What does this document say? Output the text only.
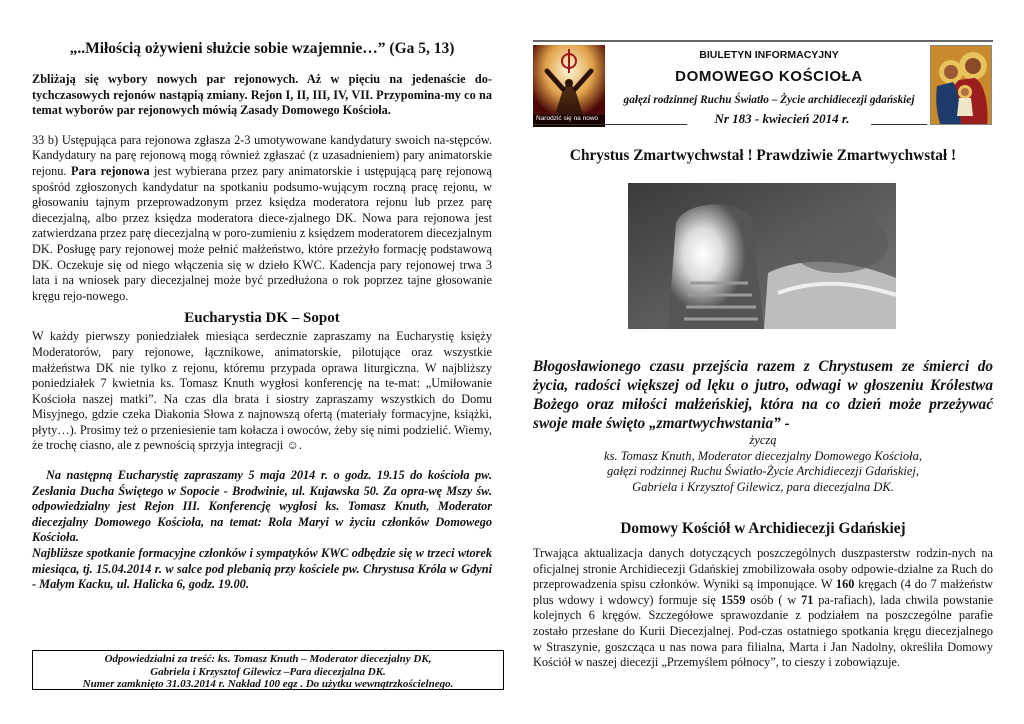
„..Miłością ożywieni służcie sobie wzajemnie…” (Ga 5, 13)

Zbliżają się wybory nowych par rejonowych. Aż w pięciu na jedenaście do-tychczasowych rejonów nastąpią zmiany. Rejon I, II, III, IV, VII. Przypomina-my co na temat wyborów par rejonowych mówią Zasady Domowego Kościoła.

33 b) Ustępująca para rejonowa zgłasza 2-3 umotywowane kandydatury swoich na-stępców. Kandydatury na parę rejonową mogą również zgłaszać (z uzasadnieniem) pary animatorskie rejonu. Para rejonowa jest wybierana przez pary animatorskie i ustępującą parę rejonową spośród zgłoszonych kandydatur na spotkaniu podsumo-wującym roczną pracę rejonu, w głosowaniu tajnym przeprowadzonym przez księdza moderatora rejonu lub przez parę diecezjalną, albo przez księdza moderatora diece-zjalnego DK. Nowa para rejonowa jest zatwierdzana przez parę diecezjalną w poro-zumieniu z księdzem moderatorem diecezjalnym DK. Posługę pary rejonowej może pełnić małżeństwo, które przeżyło formację podstawową DK. Oczekuje się od niego włączenia się w dzieło KWC. Kadencja pary rejonowej trwa 3 lata i na wniosek pary diecezjalnej może być przedłużona o rok poprzez tajne głosowanie kręgu rejo-nowego.

Eucharystia DK – Sopot

W każdy pierwszy poniedziałek miesiąca serdecznie zapraszamy na Eucharystię księży Moderatorów, pary rejonowe, łącznikowe, animatorskie, pilotujące oraz wszystkie małżeństwa DK nie tylko z rejonu, któremu przypada oprawa liturgiczna. W najbliższy poniedziałek 7 kwietnia ks. Tomasz Knuth wygłosi konferencję na te-mat: „Umiłowanie Kościoła naszej matki”. Na czas dla brata i siostry zapraszamy wszystkich do Domu Misyjnego, gdzie czeka Diakonia Słowa z najnowszą ofertą (materiały formacyjne, książki, płyty…). Prosimy też o przeniesienie tam kołacza i owoców, żeby się nimi podzielić. Wiemy, że trochę ciasno, ale z pewnością sprzyja integracji ☺.

Na następną Eucharystię zapraszamy 5 maja 2014 r. o godz. 19.15 do kościoła pw. Zesłania Ducha Świętego w Sopocie - Brodwinie, ul. Kujawska 50. Za opra-wę Mszy św. odpowiedzialny jest Rejon III. Konferencję wygłosi ks. Tomasz Knuth, Moderator diecezjalny Domowego Kościoła, na temat: Rola Maryi w życiu członków Domowego Kościoła.

Najbliższe spotkanie formacyjne członków i sympatyków KWC odbędzie się w trzeci wtorek miesiąca, tj. 15.04.2014 r. w salce pod plebanią przy kościele pw. Chrystusa Króla w Gdyni - Małym Kacku, ul. Halicka 6, godz. 19.00.

Odpowiedzialni za treść: ks. Tomasz Knuth – Moderator diecezjalny DK,
Gabriela i Krzysztof Gilewicz –Para diecezjalna DK.
Numer zamknięto 31.03.2014 r. Nakład 100 egz . Do użytku wewnątrzkościelnego.
Narodzić się na nowo
BIULETYN INFORMACYJNY
DOMOWEGO KOŚCIOŁA
gałęzi rodzinnej Ruchu Światło – Życie archidiecezji gdańskiej
Nr 183 - kwiecień 2014 r.
Chrystus Zmartwychwstał ! Prawdziwie Zmartwychwstał !

Błogosławionego czasu przejścia razem z Chrystusem ze śmierci do życia, radości większej od lęku o jutro, odwagi w głoszeniu Królestwa Bożego oraz miłości małżeńskiej, która na co dzień może przeżywać swoje małe święto „zmartwychwstania” -

życzą

ks. Tomasz Knuth, Moderator diecezjalny Domowego Kościoła,

gałęzi rodzinnej Ruchu Światło-Życie Archidiecezji Gdańskiej,

Gabriela i Krzysztof Gilewicz, para diecezjalna DK.

Domowy Kościół w Archidiecezji Gdańskiej

Trwająca aktualizacja danych dotyczących poszczególnych duszpasterstw rodzin-nych na oficjalnej stronie Archidiecezji Gdańskiej zmobilizowała osoby odpowie-dzialne za Ruch do przeprowadzenia spisu członków. Wyniki są imponujące. W 160 kręgach (4 do 7 małżeństw plus wdowy i wdowcy) formuje się 1559 osób ( w 71 pa-rafiach), lada chwila powstanie kolejnych 6 kręgów. Szczegółowe sprawozdanie z podziałem na poszczególne parafie zostało przesłane do Kurii Diecezjalnej. Pod-czas ostatniego spotkania kręgu diecezjalnego w Straszynie, goszcząca u nas nowa para filialna, Marta i Jan Nadolny, określiła Domowy Kościół w naszej diecezji „Przemyślem północy”, to cieszy i zobowiązuje.
